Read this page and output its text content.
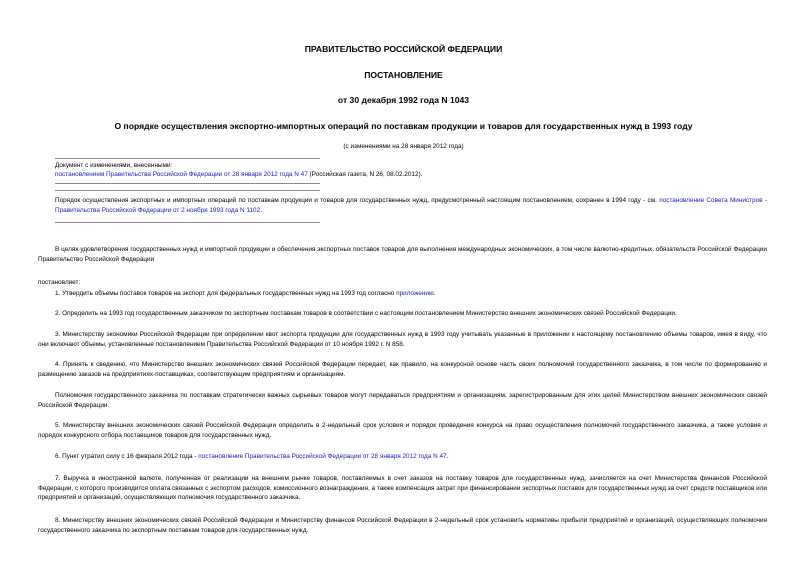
ПРАВИТЕЛЬСТВО РОССИЙСКОЙ ФЕДЕРАЦИИ
ПОСТАНОВЛЕНИЕ
от 30 декабря 1992 года N 1043
О порядке осуществления экспортно-импортных операций по поставкам продукции и товаров для государственных нужд в 1993 году
(с изменениями на 28 января 2012 года)
Документ с изменениями, внесенными:
постановлением Правительства Российской Федерации от 28 января 2012 года N 47 (Российская газета, N 26, 08.02.2012).
Порядок осуществления экспортных и импортных операций по поставкам продукции и товаров для государственных нужд, предусмотренный настоящим постановлением, сохранен в 1994 году - см. постановление Совета Министров - Правительства Российской Федерации от 2 ноября 1993 года N 1102.
В целях удовлетворения государственных нужд и импортной продукции и обеспечения экспортных поставок товаров для выполнения международных экономических, в том числе валютно-кредитных, обязательств Российской Федерации Правительство Российской Федерации
постановляет:
1. Утвердить объемы поставок товаров на экспорт для федеральных государственных нужд на 1993 год согласно приложению.
2. Определить на 1993 год государственным заказчиком по экспортным поставкам товаров в соответствии с настоящим постановлением Министерство внешних экономических связей Российской Федерации.
3. Министерству экономики Российской Федерации при определении квот экспорта продукции для государственных нужд в 1993 году учитывать указанные в приложении к настоящему постановлению объемы товаров, имея в виду, что они включают объемы, установленные постановлением Правительства Российской Федерации от 10 ноября 1992 г. N 858.
4. Принять к сведению, что Министерство внешних экономических связей Российской Федерации передает, как правило, на конкурсной основе часть своих полномочий государственного заказчика, в том числе по формированию и размещению заказов на предприятиях-поставщиках, соответствующим предприятиям и организациям.
Полномочия государственного заказчика по поставкам стратегически важных сырьевых товаров могут передаваться предприятиям и организациям, зарегистрированным для этих целей Министерством внешних экономических связей Российской Федерации.
5. Министерству внешних экономических связей Российской Федерации определить в 2-недельный срок условия и порядок проведения конкурса на право осуществления полномочий государственного заказчика, а также условия и порядок конкурсного отбора поставщиков товаров для государственных нужд.
6. Пункт утратил силу с 16 февраля 2012 года - постановление Правительства Российской Федерации от 28 января 2012 года N 47.
7. Выручка в иностранной валюте, полученная от реализации на внешнем рынке товаров, поставляемых в счет заказов на поставку товаров для государственных нужд, зачисляется на счет Министерства финансов Российской Федерации, с которого производится оплата связанных с экспортом расходов, комиссионного вознаграждения, а также компенсация затрат при финансировании экспортных поставок для государственных нужд за счет средств поставщиков или предприятий и организаций, осуществляющих полномочия государственного заказчика.
8. Министерству внешних экономических связей Российской Федерации и Министерству финансов Российской Федерации в 2-недельный срок установить нормативы прибыли предприятий и организаций, осуществляющих полномочия государственного заказчика по экспортным поставкам товаров для государственных нужд.
